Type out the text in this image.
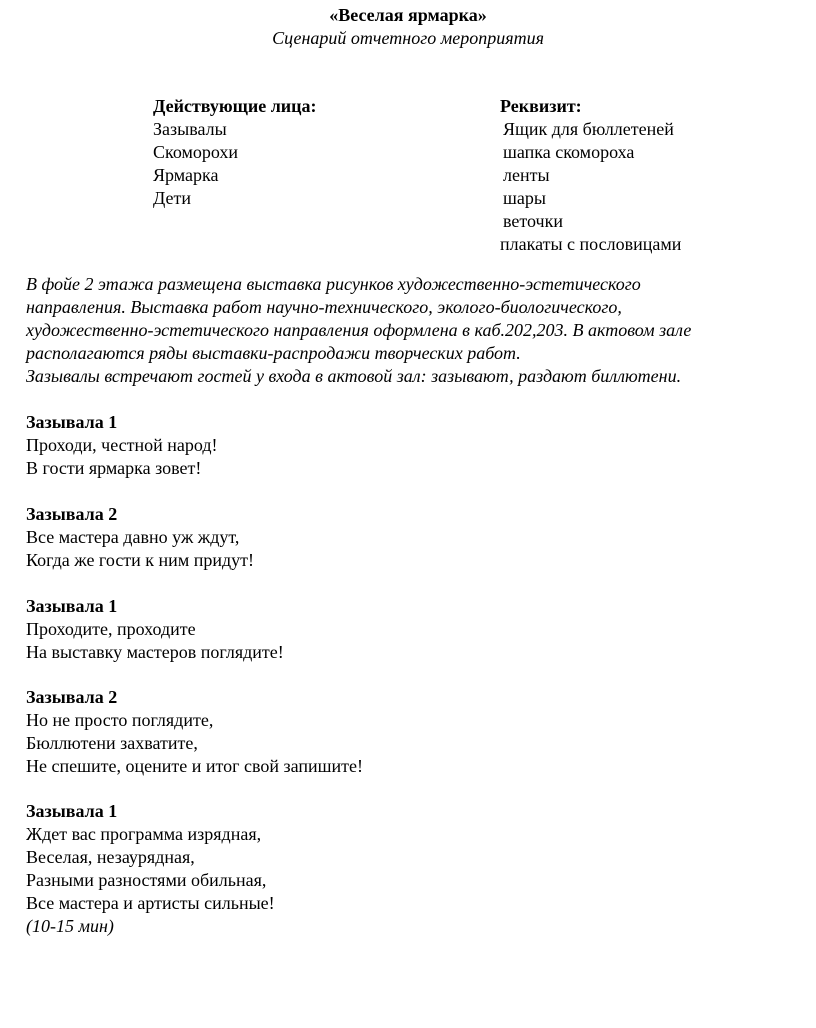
«Веселая ярмарка»
Сценарий отчетного мероприятия
Действующие лица:
Зазывалы
Скоморохи
Ярмарка
Дети
Реквизит:
Ящик для бюллетеней
шапка скомороха
ленты
шары
веточки
плакаты с пословицами
В фойе 2 этажа размещена выставка рисунков художественно-эстетического
направления. Выставка работ научно-технического, эколого-биологического,
художественно-эстетического направления оформлена в каб.202,203. В актовом зале
располагаются ряды выставки-распродажи творческих работ.
Зазывалы встречают гостей у входа в актовой зал: зазывают, раздают биллютени.
Зазывала 1
Проходи, честной народ!
В гости ярмарка зовет!
Зазывала 2
Все мастера давно уж ждут,
Когда же гости к ним придут!
Зазывала 1
Проходите, проходите
На выставку мастеров поглядите!
Зазывала 2
Но не просто поглядите,
Бюллютени захватите,
Не спешите, оцените и итог свой запишите!
Зазывала 1
Ждет вас программа изрядная,
Веселая, незаурядная,
Разными разностями обильная,
Все мастера и артисты сильные!
(10-15 мин)
